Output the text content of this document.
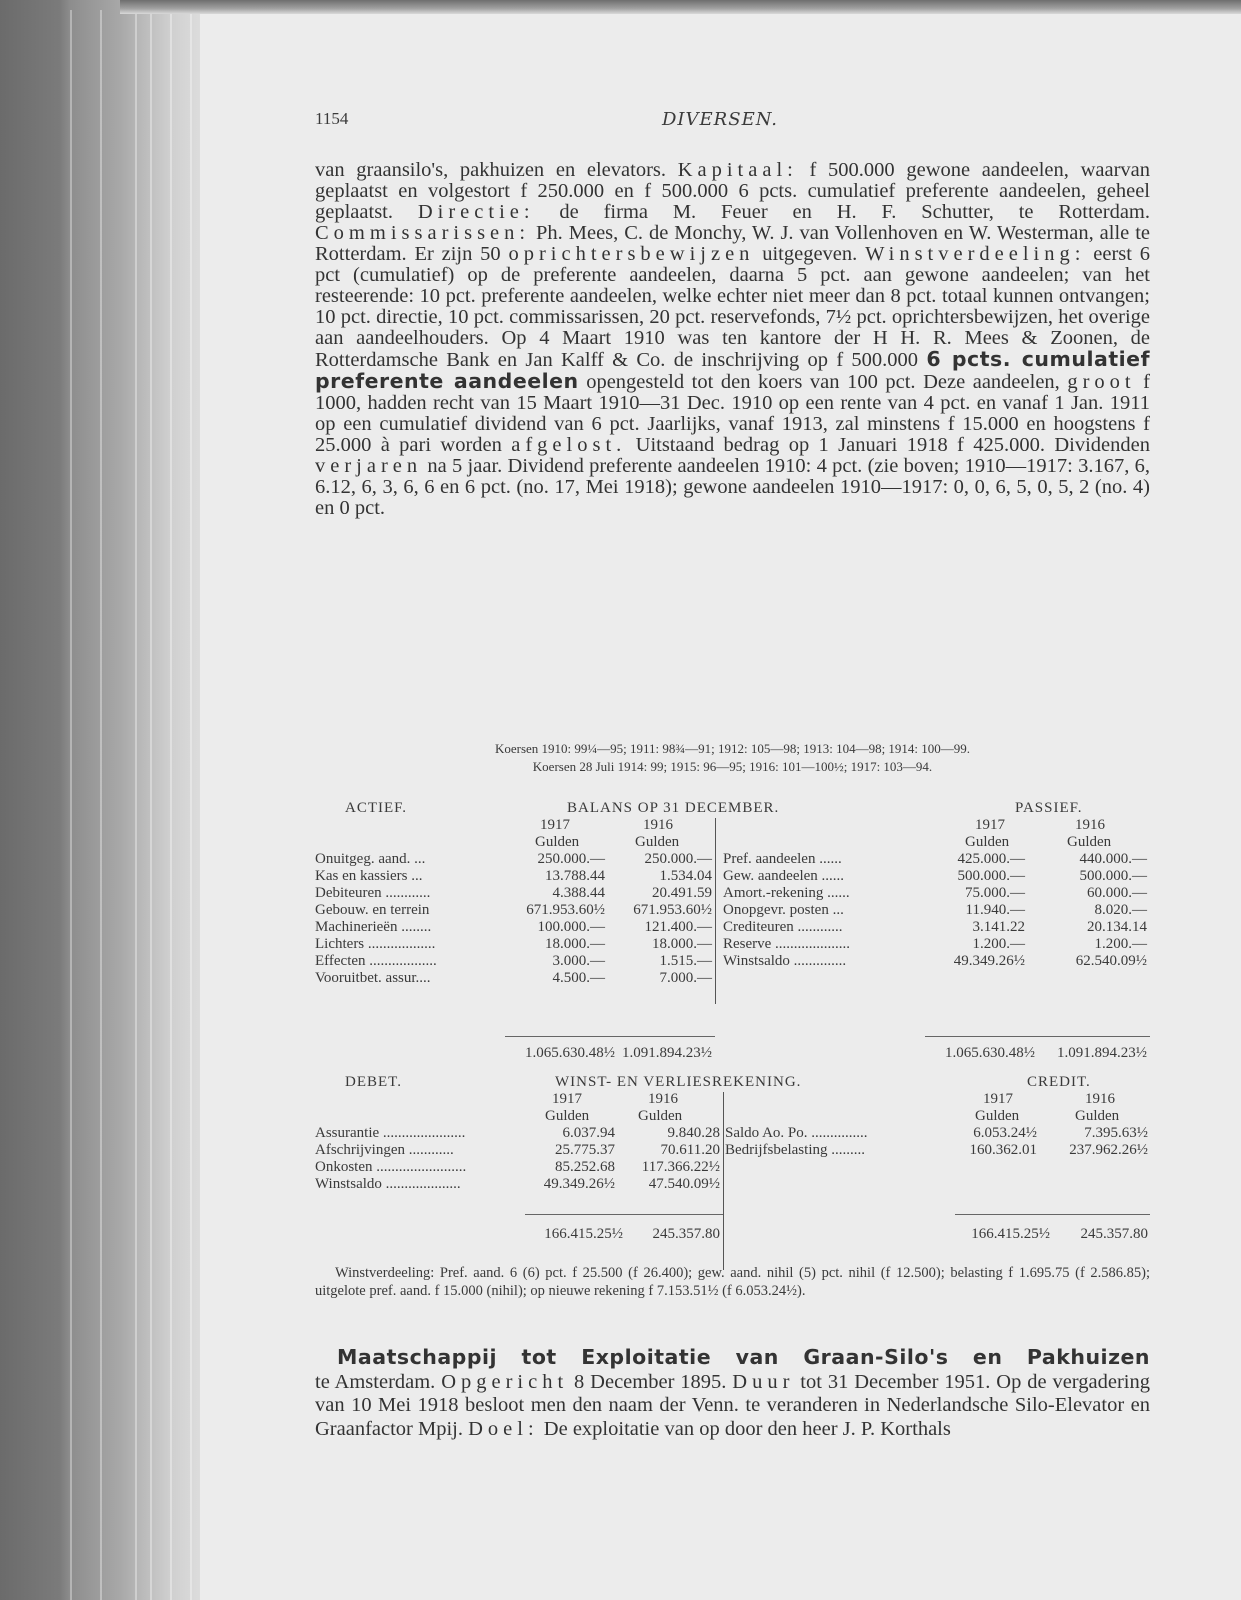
1154	DIVERSEN.
van graansilo's, pakhuizen en elevators. Kapitaal: f 500.000 gewone aandeelen, waarvan geplaatst en volgestort f 250.000 en f 500.000 6 pcts. cumulatief preferente aandeelen, geheel geplaatst. Directie: de firma M. Feuer en H. F. Schutter, te Rotterdam. Commissarissen: Ph. Mees, C. de Monchy, W. J. van Vollenhoven en W. Westerman, alle te Rotterdam. Er zijn 50 oprichtersbewijzen uitgegeven. Winstverdeeling: eerst 6 pct (cumulatief) op de preferente aandeelen, daarna 5 pct. aan gewone aandeelen; van het resteerende: 10 pct. preferente aandeelen, welke echter niet meer dan 8 pct. totaal kunnen ontvangen; 10 pct. directie, 10 pct. commissarissen, 20 pct. reservefonds, 7½ pct. oprichtersbewijzen, het overige aan aandeelhouders. Op 4 Maart 1910 was ten kantore der H H. R. Mees & Zoonen, de Rotterdamsche Bank en Jan Kalff & Co. de inschrijving op f 500.000 6 pcts. cumulatief preferente aandeelen opengesteld tot den koers van 100 pct. Deze aandeelen, groot f 1000, hadden recht van 15 Maart 1910—31 Dec. 1910 op een rente van 4 pct. en vanaf 1 Jan. 1911 op een cumulatief dividend van 6 pct. Jaarlijks, vanaf 1913, zal minstens f 15.000 en hoogstens f 25.000 à pari worden afgelost. Uitstaand bedrag op 1 Januari 1918 f 425.000. Dividenden verjaren na 5 jaar. Dividend preferente aandeelen 1910: 4 pct. (zie boven; 1910—1917: 3.167, 6, 6.12, 6, 3, 6, 6 en 6 pct. (no. 17, Mei 1918); gewone aandeelen 1910—1917: 0, 0, 6, 5, 0, 5, 2 (no. 4) en 0 pct.
Koersen 1910: 99¼—95; 1911: 98¾—91; 1912: 105—98; 1913: 104—98; 1914: 100—99.
Koersen 28 Juli 1914: 99; 1915: 96—95; 1916: 101—100½; 1917: 103—94.
ACTIEF.	BALANS OP 31 DECEMBER.	PASSIEF.
1917	1916
Gulden	Gulden
1917	1916
Gulden	Gulden
Onuitgeg. aand. ...	250.000.—	250.000.—
Kas en kassiers ...	13.788.44	1.534.04
Debiteuren ............	4.388.44	20.491.59
Gebouw. en terrein	671.953.60½	671.953.60½
Machinerieën ........	100.000.—	121.400.—
Lichters ..................	18.000.—	18.000.—
Effecten ..................	3.000.—	1.515.—
Vooruitbet. assur....	4.500.—	7.000.—
Pref. aandeelen ......	425.000.—	440.000.—
Gew. aandeelen ......	500.000.—	500.000.—
Amort.-rekening ......	75.000.—	60.000.—
Onopgevr. posten ...	11.940.—	8.020.—
Crediteuren ............	3.141.22	20.134.14
Reserve ....................	1.200.—	1.200.—
Winstsaldo ..............	49.349.26½	62.540.09½
1.065.630.48½ 1.091.894.23½	1.065.630.48½	1.091.894.23½
DEBET.	WINST- EN VERLIESREKENING.	CREDIT.
1917	1916
Gulden	Gulden
1917	1916
Gulden	Gulden
Assurantie ......................	6.037.94	9.840.28
Afschrijvingen ............	25.775.37	70.611.20
Onkosten ........................	85.252.68	117.366.22½
Winstsaldo ....................	49.349.26½	47.540.09½
Saldo Ao. Po. ...............	6.053.24½	7.395.63½
Bedrijfsbelasting .........	160.362.01	237.962.26½
166.415.25½	245.357.80	166.415.25½	245.357.80
Winstverdeeling: Pref. aand. 6 (6) pct. f 25.500 (f 26.400); gew. aand. nihil (5) pct. nihil (f 12.500); belasting f 1.695.75 (f 2.586.85); uitgelote pref. aand. f 15.000 (nihil); op nieuwe rekening f 7.153.51½ (f 6.053.24½).
Maatschappij tot Exploitatie van Graan-Silo's en Pakhuizen te Amsterdam. Opgericht 8 December 1895. Duur tot 31 December 1951. Op de vergadering van 10 Mei 1918 besloot men den naam der Venn. te veranderen in Nederlandsche Silo-Elevator en Graanfactor Mpij. Doel: De exploitatie van op door den heer J. P. Korthals
